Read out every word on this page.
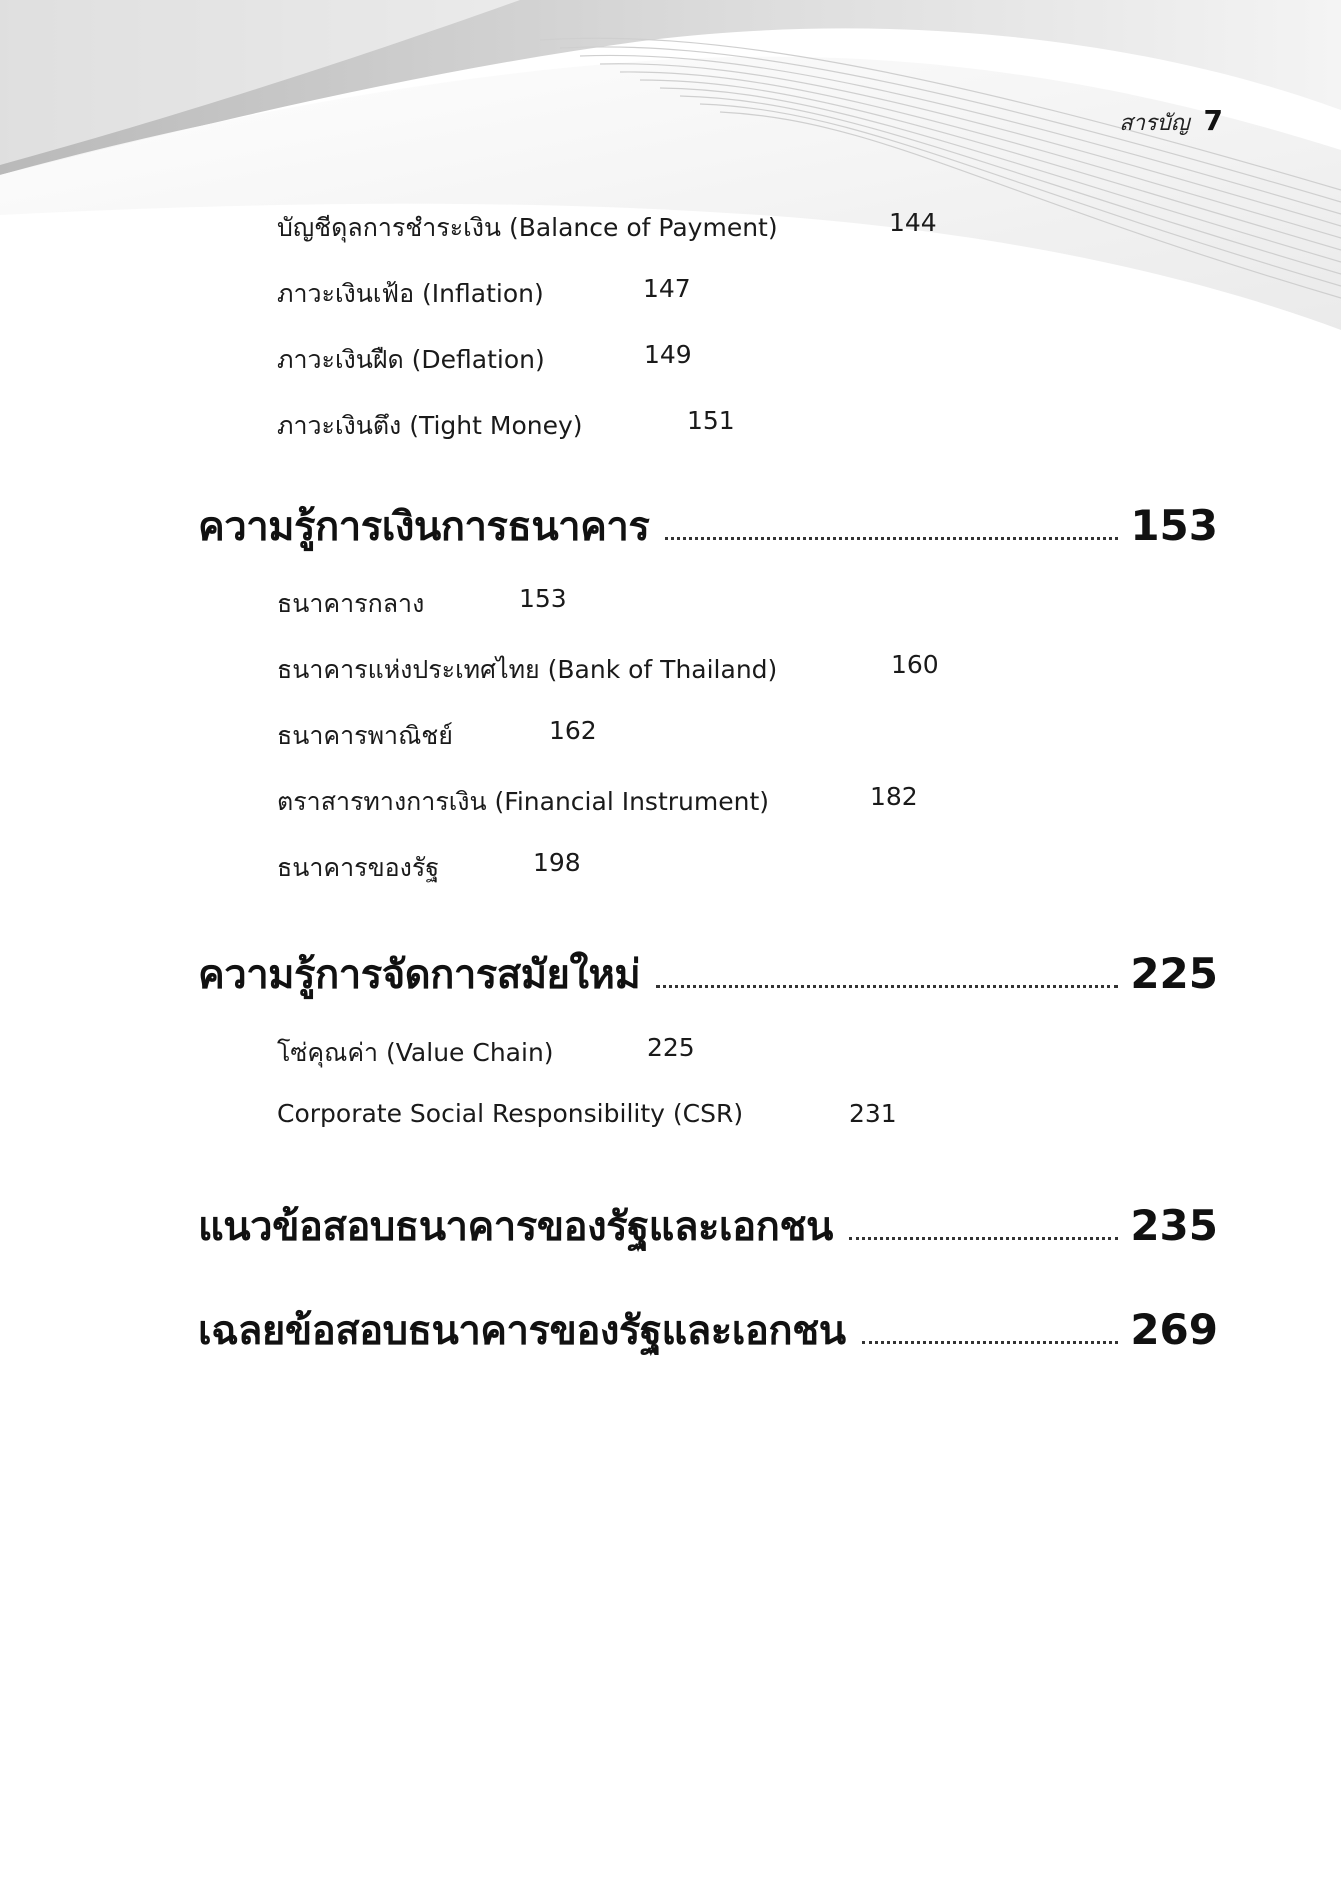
สารบัญ 7
บัญชีดุลการชำระเงิน (Balance of Payment)	144
ภาวะเงินเฟ้อ (Inflation)	147
ภาวะเงินฝืด (Deflation)	149
ภาวะเงินตึง (Tight Money)	151
ความรู้การเงินการธนาคาร	153
ธนาคารกลาง	153
ธนาคารแห่งประเทศไทย (Bank of Thailand)	160
ธนาคารพาณิชย์	162
ตราสารทางการเงิน (Financial Instrument)	182
ธนาคารของรัฐ	198
ความรู้การจัดการสมัยใหม่	225
โซ่คุณค่า (Value Chain)	225
Corporate Social Responsibility (CSR)	231
แนวข้อสอบธนาคารของรัฐและเอกชน	235
เฉลยข้อสอบธนาคารของรัฐและเอกชน	269
